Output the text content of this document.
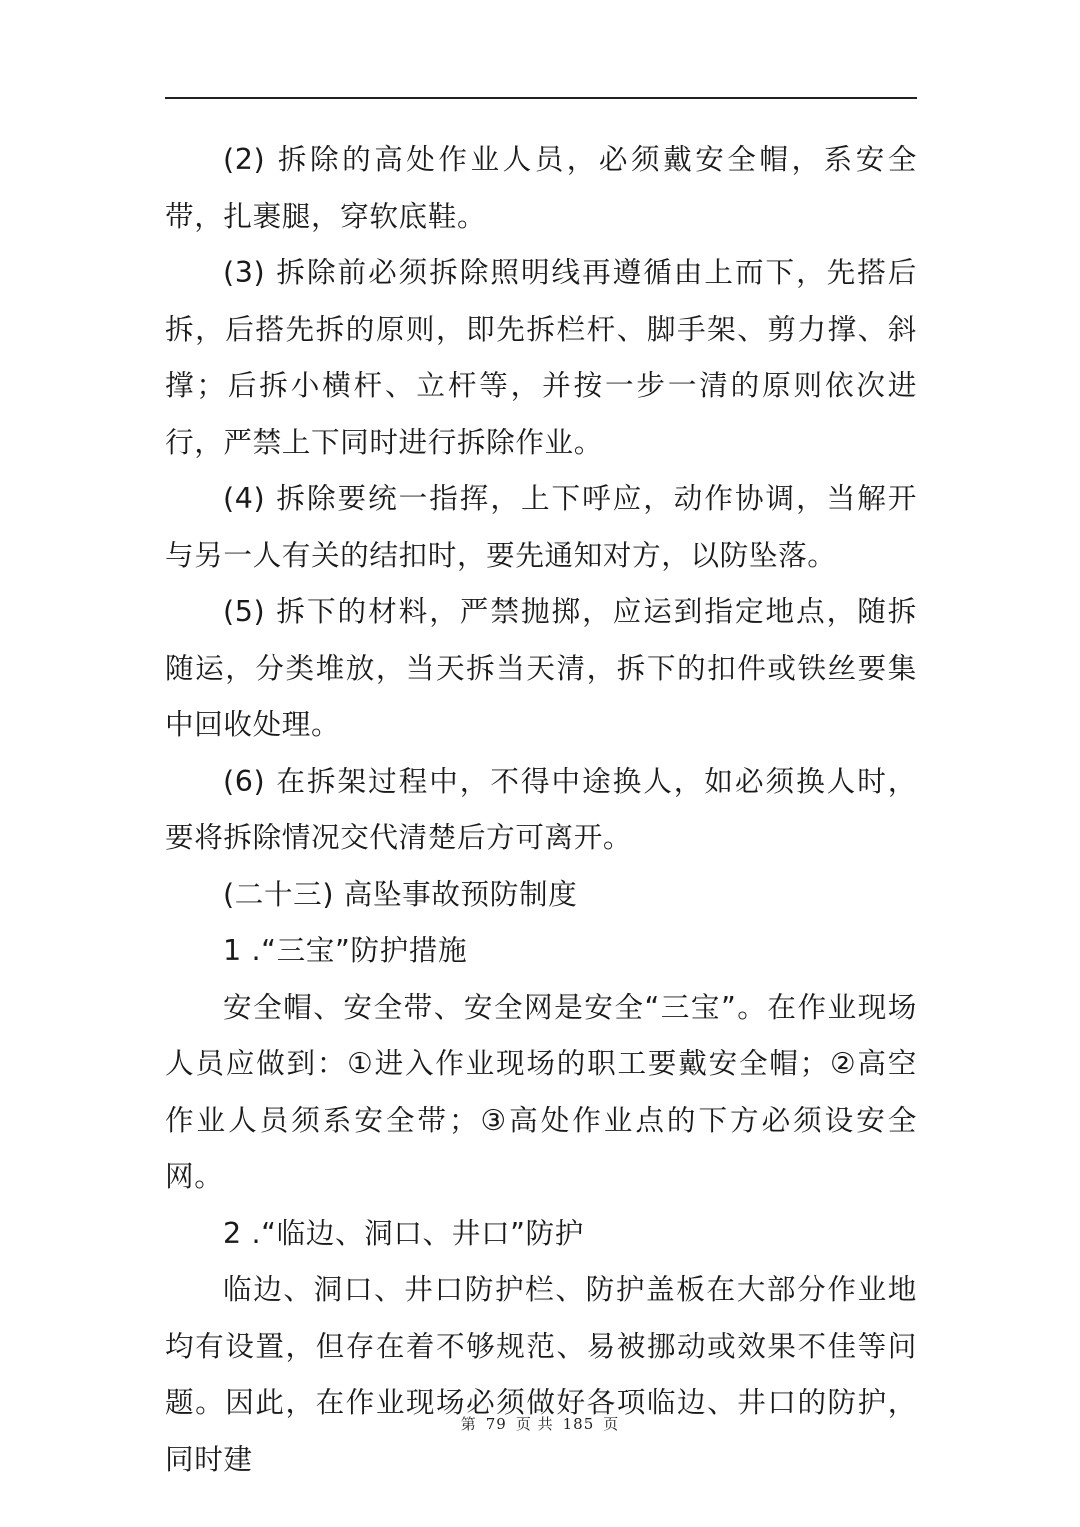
(2) 拆除的高处作业人员，必须戴安全帽，系安全带，扎裹腿，穿软底鞋。

(3) 拆除前必须拆除照明线再遵循由上而下，先搭后拆，后搭先拆的原则，即先拆栏杆、脚手架、剪力撑、斜撑；后拆小横杆、立杆等，并按一步一清的原则依次进行，严禁上下同时进行拆除作业。

(4) 拆除要统一指挥，上下呼应，动作协调，当解开与另一人有关的结扣时，要先通知对方，以防坠落。

(5) 拆下的材料，严禁抛掷，应运到指定地点，随拆随运，分类堆放，当天拆当天清，拆下的扣件或铁丝要集中回收处理。

(6) 在拆架过程中，不得中途换人，如必须换人时，要将拆除情况交代清楚后方可离开。

(二十三) 高坠事故预防制度

1 .“三宝”防护措施

安全帽、安全带、安全网是安全“三宝”。在作业现场人员应做到：①进入作业现场的职工要戴安全帽；②高空作业人员须系安全带；③高处作业点的下方必须设安全网。

2 .“临边、洞口、井口”防护

临边、洞口、井口防护栏、防护盖板在大部分作业地均有设置，但存在着不够规范、易被挪动或效果不佳等问题。因此，在作业现场必须做好各项临边、井口的防护，同时建

第 79 页 共 185 页
